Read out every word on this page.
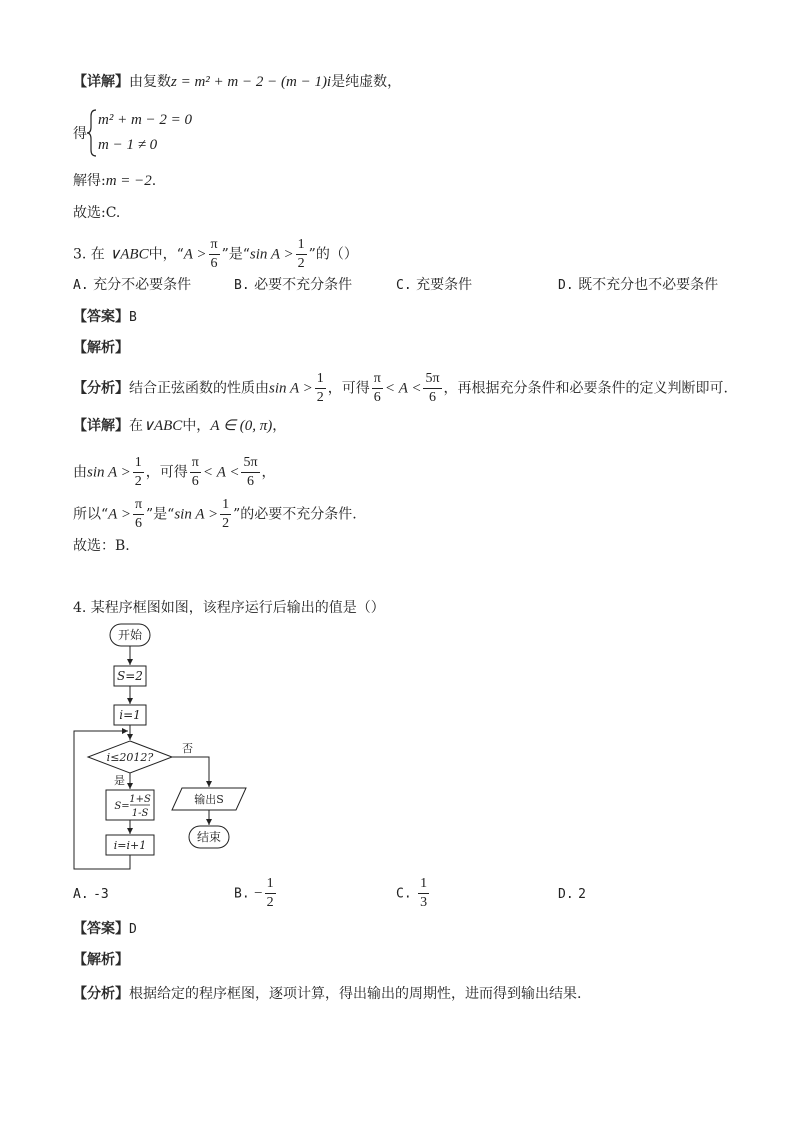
【详解】由复数z = m² + m − 2 − (m − 1)i是纯虚数，
得
m² + m − 2 = 0
m − 1 ≠ 0
解得:m = −2.
故选:C.
3. 在 ∨ABC中，“$A > \frac{\pi}{6}$ ”是“sin $A > \frac{1}{2}$ ”的（）
A. 充分不必要条件	B. 必要不充分条件	C. 充要条件	D. 既不充分也不必要条件
【答案】B
【解析】
【分析】结合正弦函数的性质由$\sin A > \frac{1}{2}$ ，可得 $\frac{\pi}{6} < A < \frac{5\pi}{6}$ ，再根据充分条件和必要条件的定义判断即可.
【详解】在∨ABC中，A ∈ (0, π)，
由$\sin A > \frac{1}{2}$ ，可得 $\frac{\pi}{6} < A < \frac{5\pi}{6}$ ，
所以“$A > \frac{\pi}{6}$ ”是“sin $A > \frac{1}{2}$ ”的必要不充分条件.
故选：B.
4. 某程序框图如图，该程序运行后输出的值是（）
开始
S=2
i=1
i≤2012?
否
是
S=
1+S
1-S
输出S
i=i+1
结束
A. -3	B. − $\frac{1}{2}$	C. $\frac{1}{3}$	D. 2
【答案】D
【解析】
【分析】根据给定的程序框图，逐项计算，得出输出的周期性，进而得到输出结果.
